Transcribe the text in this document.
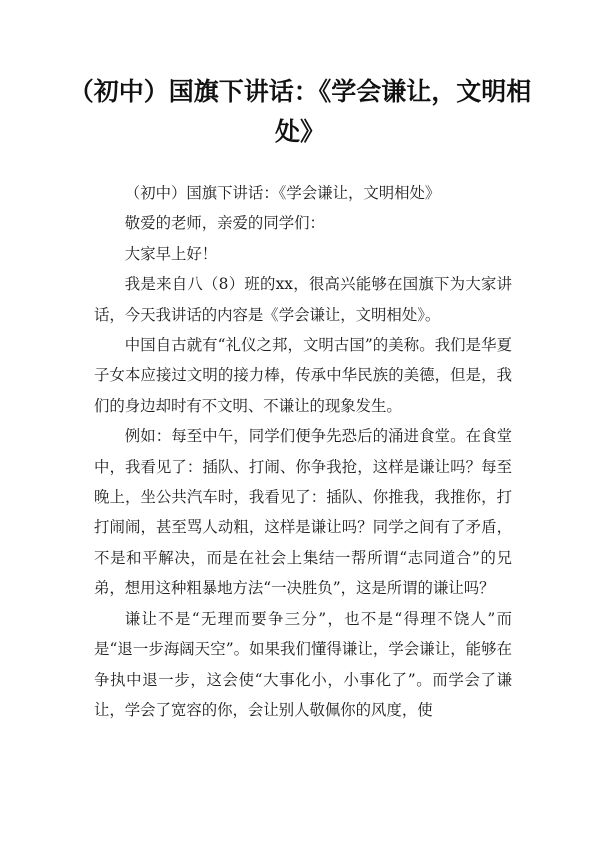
（初中）国旗下讲话：《学会谦让，文明相处》

（初中）国旗下讲话：《学会谦让，文明相处》

敬爱的老师，亲爱的同学们：

大家早上好！

我是来自八（8）班的xx，很高兴能够在国旗下为大家讲话，今天我讲话的内容是《学会谦让，文明相处》。

中国自古就有“礼仪之邦，文明古国”的美称。我们是华夏子女本应接过文明的接力棒，传承中华民族的美德，但是，我们的身边却时有不文明、不谦让的现象发生。

例如：每至中午，同学们便争先恐后的涌进食堂。在食堂中，我看见了：插队、打闹、你争我抢，这样是谦让吗？每至晚上，坐公共汽车时，我看见了：插队、你推我，我推你，打打闹闹，甚至骂人动粗，这样是谦让吗？同学之间有了矛盾，不是和平解决，而是在社会上集结一帮所谓“志同道合”的兄弟，想用这种粗暴地方法“一决胜负”，这是所谓的谦让吗？

谦让不是“无理而要争三分”，也不是“得理不饶人”而是“退一步海阔天空”。如果我们懂得谦让，学会谦让，能够在争执中退一步，这会使“大事化小，小事化了”。而学会了谦让，学会了宽容的你，会让别人敬佩你的风度，使
